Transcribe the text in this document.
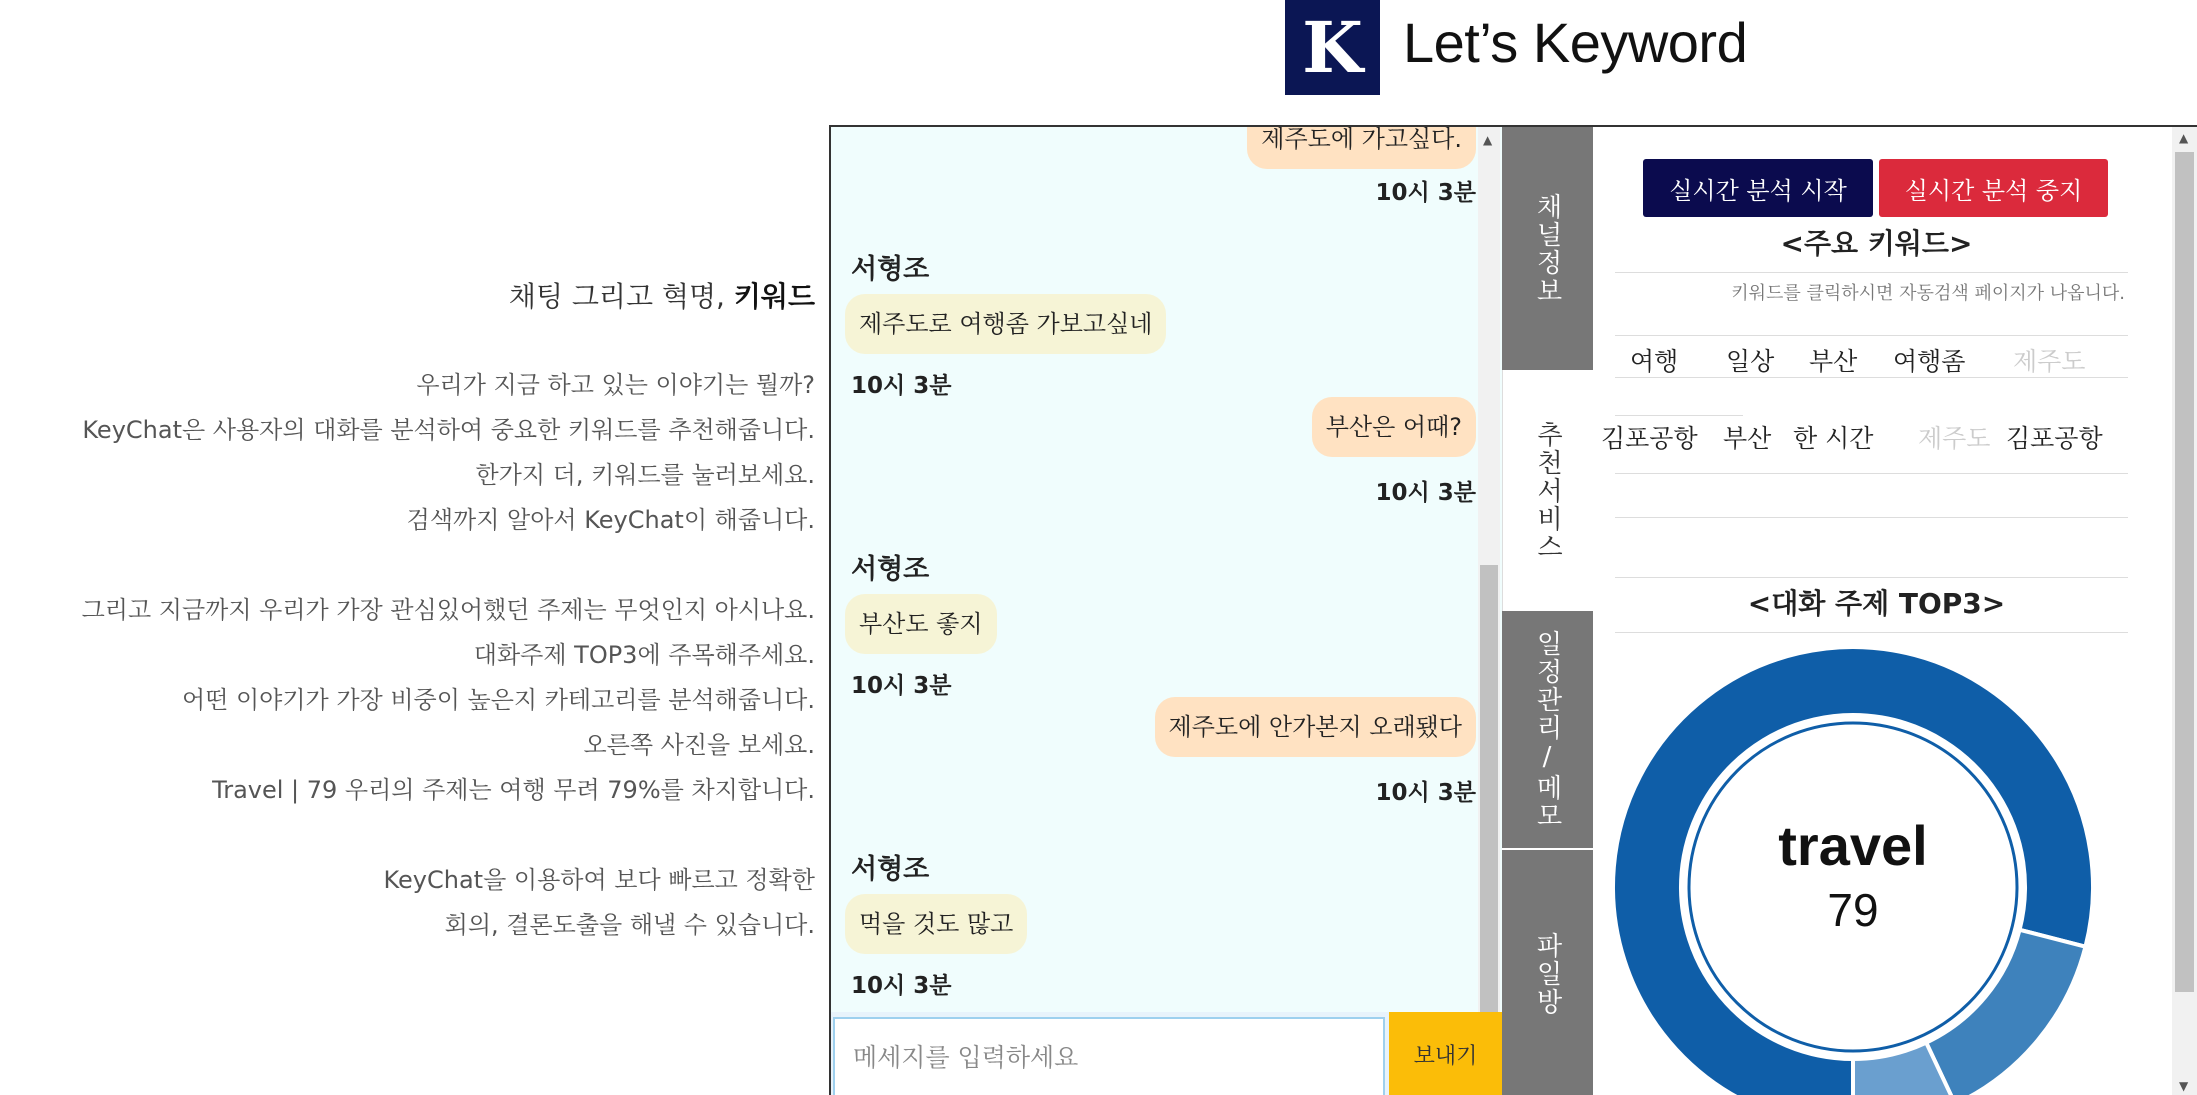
K Let’s Keyword
채팅 그리고 혁명, 키워드
우리가 지금 하고 있는 이야기는 뭘까?
KeyChat은 사용자의 대화를 분석하여 중요한 키워드를 추천해줍니다.
한가지 더, 키워드를 눌러보세요.
검색까지 알아서 KeyChat이 해줍니다.
그리고 지금까지 우리가 가장 관심있어했던 주제는 무엇인지 아시나요.
대화주제 TOP3에 주목해주세요.
어떤 이야기가 가장 비중이 높은지 카테고리를 분석해줍니다.
오른쪽 사진을 보세요.
Travel | 79 우리의 주제는 여행 무려 79%를 차지합니다.
KeyChat을 이용하여 보다 빠르고 정확한
회의, 결론도출을 해낼 수 있습니다.
제주도에 가고싶다.
10시 3분
서형조
제주도로 여행좀 가보고싶네
10시 3분
부산은 어때?
10시 3분
서형조
부산도 좋지
10시 3분
제주도에 안가본지 오래됐다
10시 3분
서형조
먹을 것도 많고
10시 3분
▲
메세지를 입력하세요
보내기
채널정보
추천서비스
일정관리/메모
파일방
실시간 분석 시작	실시간 분석 중지
<주요 키워드>
키워드를 클릭하시면 자동검색 페이지가 나옵니다.
여행 일상 부산 여행좀 제주도
김포공항 부산 한 시간 제주도 김포공항
<대화 주제 TOP3>
travel
79
▲
▼
